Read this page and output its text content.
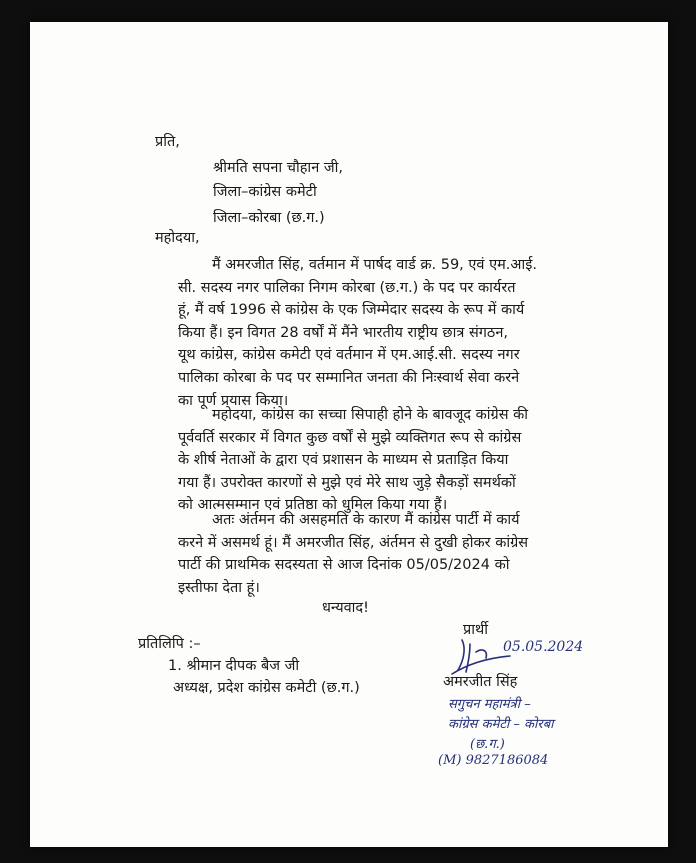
प्रति,
श्रीमति सपना चौहान जी,
जिला–कांग्रेस कमेटी
जिला–कोरबा (छ.ग.)
महोदया,
मैं अमरजीत सिंह, वर्तमान में पार्षद वार्ड क्र. 59, एवं एम.आई.
सी. सदस्य नगर पालिका निगम कोरबा (छ.ग.) के पद पर कार्यरत
हूं, मैं वर्ष 1996 से कांग्रेस के एक जिम्मेदार सदस्य के रूप में कार्य
किया हैं। इन विगत 28 वर्षों में मैंने भारतीय राष्ट्रीय छात्र संगठन,
यूथ कांग्रेस, कांग्रेस कमेटी एवं वर्तमान में एम.आई.सी. सदस्य नगर
पालिका कोरबा के पद पर सम्मानित जनता की निःस्वार्थ सेवा करने
का पूर्ण प्रयास किया।
महोदया, कांग्रेस का सच्चा सिपाही होने के बावजूद कांग्रेस की
पूर्ववर्ति सरकार में विगत कुछ वर्षों से मुझे व्यक्तिगत रूप से कांग्रेस
के शीर्ष नेताओं के द्वारा एवं प्रशासन के माध्यम से प्रताड़ित किया
गया हैं। उपरोक्त कारणों से मुझे एवं मेरे साथ जुड़े सैकड़ों समर्थकों
को आत्मसम्मान एवं प्रतिष्ठा को धुमिल किया गया हैं।
अतः अंर्तमन की असहमति के कारण मैं कांग्रेस पार्टी में कार्य
करने में असमर्थ हूं। मैं अमरजीत सिंह, अंर्तमन से दुखी होकर कांग्रेस
पार्टी की प्राथमिक सदस्यता से आज दिनांक 05/05/2024 को
इस्तीफा देता हूं।
धन्यवाद!
प्रतिलिपि :–
1. श्रीमान दीपक बैज जी
अध्यक्ष, प्रदेश कांग्रेस कमेटी (छ.ग.)
प्रार्थी
05.05.2024
अमरजीत सिंह
सगुचन महामंत्री –
कांग्रेस कमेटी – कोरबा
(छ.ग.)
(M) 9827186084
